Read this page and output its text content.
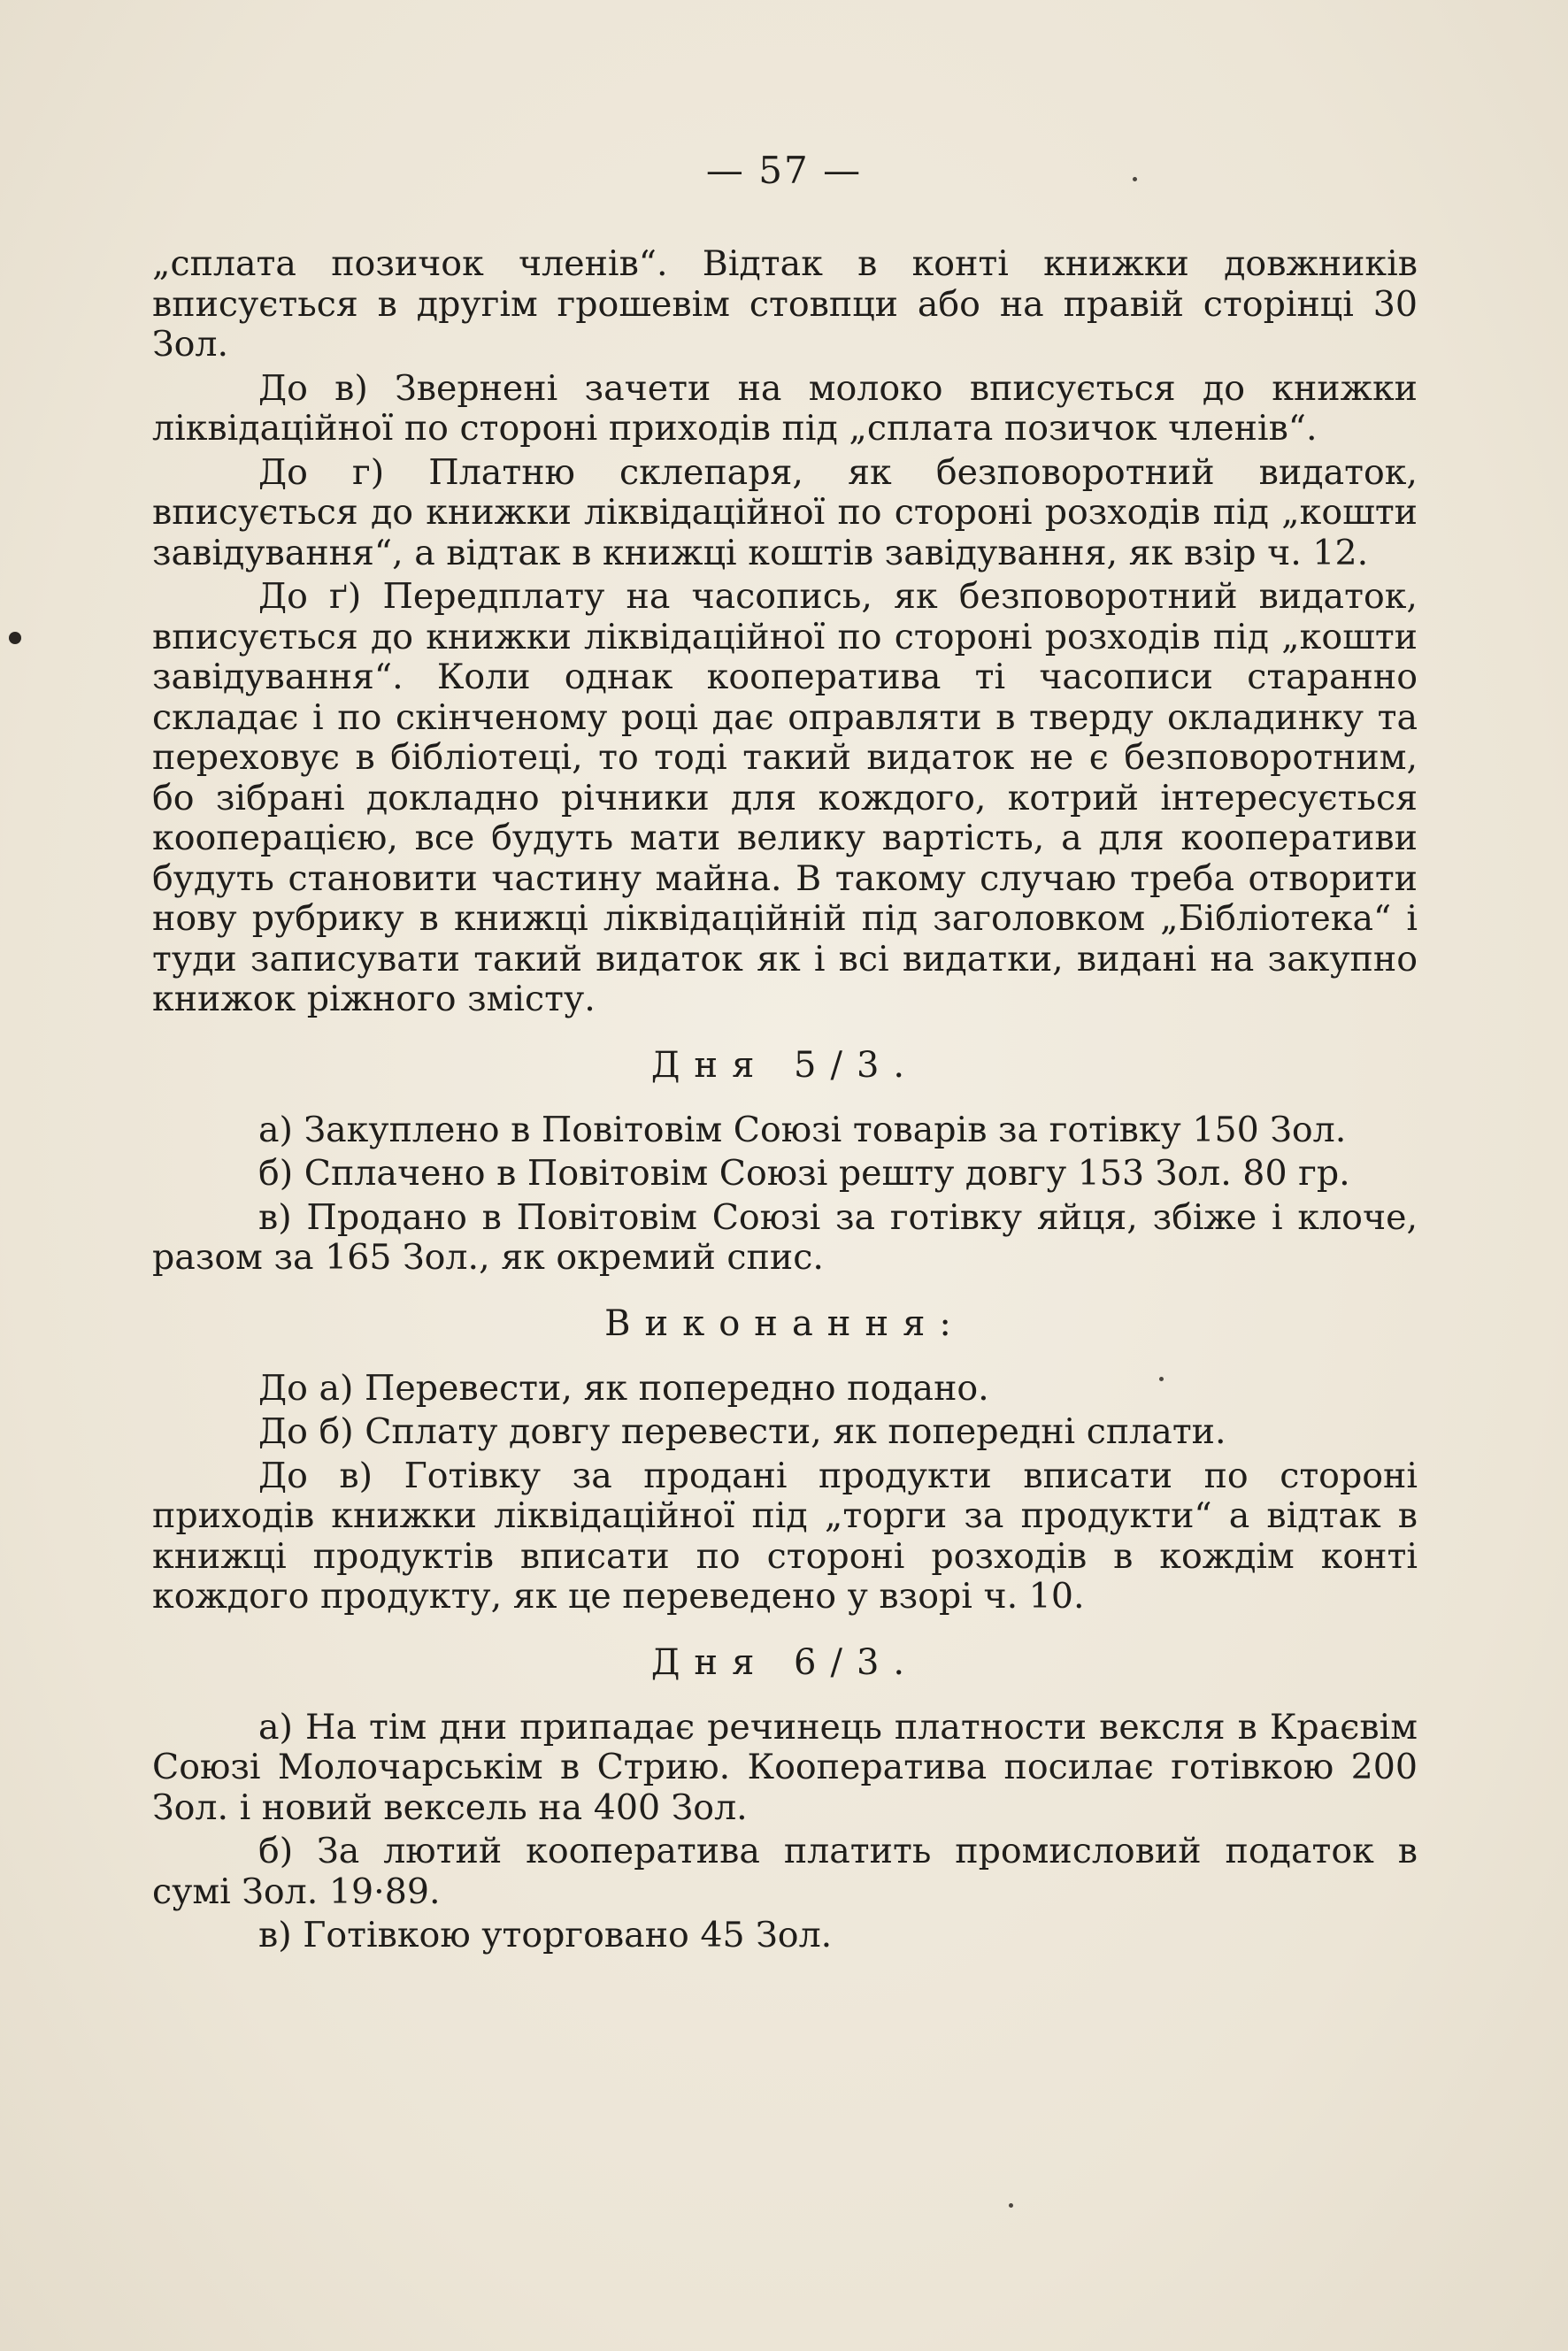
— 57 —

„сплата позичок членів“. Відтак в конті книжки довжників вписується в другім грошевім стовпци або на правій сторінці 30 Зол.

До в) Звернені зачети на молоко вписується до книжки ліквідаційної по стороні приходів під „сплата позичок членів“.

До г) Платню склепаря, як безповоротний видаток, вписується до книжки ліквідаційної по стороні розходів під „кошти завідування“, а відтак в книжці коштів завідування, як взір ч. 12.

До ґ) Передплату на часопись, як безповоротний видаток, вписується до книжки ліквідаційної по стороні розходів під „кошти завідування“. Коли однак кооператива ті часописи старанно складає і по скінченому році дає оправляти в тверду окладинку та переховує в бібліотеці, то тоді такий видаток не є безповоротним, бо зібрані докладно річники для кождого, котрий інтересується кооперацією, все будуть мати велику вартість, а для кооперативи будуть становити частину майна. В такому случаю треба отворити нову рубрику в книжці ліквідаційній під заголовком „Бібліотека“ і туди записувати такий видаток як і всі видатки, видані на закупно книжок ріжного змісту.

Дня 5/3.

а) Закуплено в Повітовім Союзі товарів за готівку 150 Зол.

б) Сплачено в Повітовім Союзі решту довгу 153 Зол. 80 гр.

в) Продано в Повітовім Союзі за готівку яйця, збіже і клоче, разом за 165 Зол., як окремий спис.

Виконання:

До а) Перевести, як попередно подано.

До б) Сплату довгу перевести, як попередні сплати.

До в) Готівку за продані продукти вписати по стороні приходів книжки ліквідаційної під „торги за продукти“ а відтак в книжці продуктів вписати по стороні розходів в кождім конті кождого продукту, як це переведено у взорі ч. 10.

Дня 6/3.

а) На тім дни припадає речинець платности вексля в Краєвім Союзі Молочарськім в Стрию. Кооператива посилає готівкою 200 Зол. і новий вексель на 400 Зол.

б) За лютий кооператива платить промисловий податок в сумі Зол. 19·89.

в) Готівкою уторговано 45 Зол.
